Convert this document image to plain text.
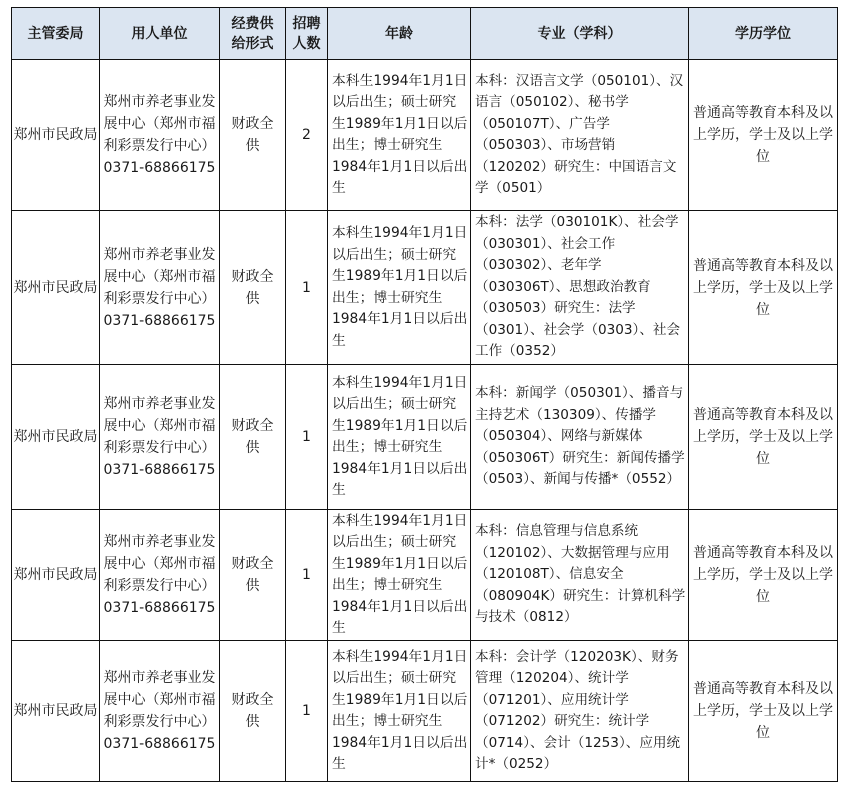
主管委局	用人单位	经费供给形式	招聘人数	年龄	专业（学科）	学历学位
郑州市民政局	郑州市养老事业发展中心（郑州市福利彩票发行中心）0371-68866175	财政全供	2	本科生1994年1月1日以后出生；硕士研究生1989年1月1日以后出生；博士研究生1984年1月1日以后出生	本科：汉语言文学（050101）、汉语言（050102）、秘书学（050107T）、广告学（050303）、市场营销（120202）研究生：中国语言文学（0501）	普通高等教育本科及以上学历，学士及以上学位
郑州市民政局	郑州市养老事业发展中心（郑州市福利彩票发行中心）0371-68866175	财政全供	1	本科生1994年1月1日以后出生；硕士研究生1989年1月1日以后出生；博士研究生1984年1月1日以后出生	本科：法学（030101K）、社会学（030301）、社会工作（030302）、老年学（030306T）、思想政治教育（030503）研究生：法学（0301）、社会学（0303）、社会工作（0352）	普通高等教育本科及以上学历，学士及以上学位
郑州市民政局	郑州市养老事业发展中心（郑州市福利彩票发行中心）0371-68866175	财政全供	1	本科生1994年1月1日以后出生；硕士研究生1989年1月1日以后出生；博士研究生1984年1月1日以后出生	本科：新闻学（050301）、播音与主持艺术（130309）、传播学（050304）、网络与新媒体（050306T）研究生：新闻传播学（0503）、新闻与传播*（0552）	普通高等教育本科及以上学历，学士及以上学位
郑州市民政局	郑州市养老事业发展中心（郑州市福利彩票发行中心）0371-68866175	财政全供	1	本科生1994年1月1日以后出生；硕士研究生1989年1月1日以后出生；博士研究生1984年1月1日以后出生	本科：信息管理与信息系统（120102）、大数据管理与应用（120108T）、信息安全（080904K）研究生：计算机科学与技术（0812）	普通高等教育本科及以上学历，学士及以上学位
郑州市民政局	郑州市养老事业发展中心（郑州市福利彩票发行中心）0371-68866175	财政全供	1	本科生1994年1月1日以后出生；硕士研究生1989年1月1日以后出生；博士研究生1984年1月1日以后出生	本科：会计学（120203K）、财务管理（120204）、统计学（071201）、应用统计学（071202）研究生：统计学（0714）、会计（1253）、应用统计*（0252）	普通高等教育本科及以上学历，学士及以上学位
